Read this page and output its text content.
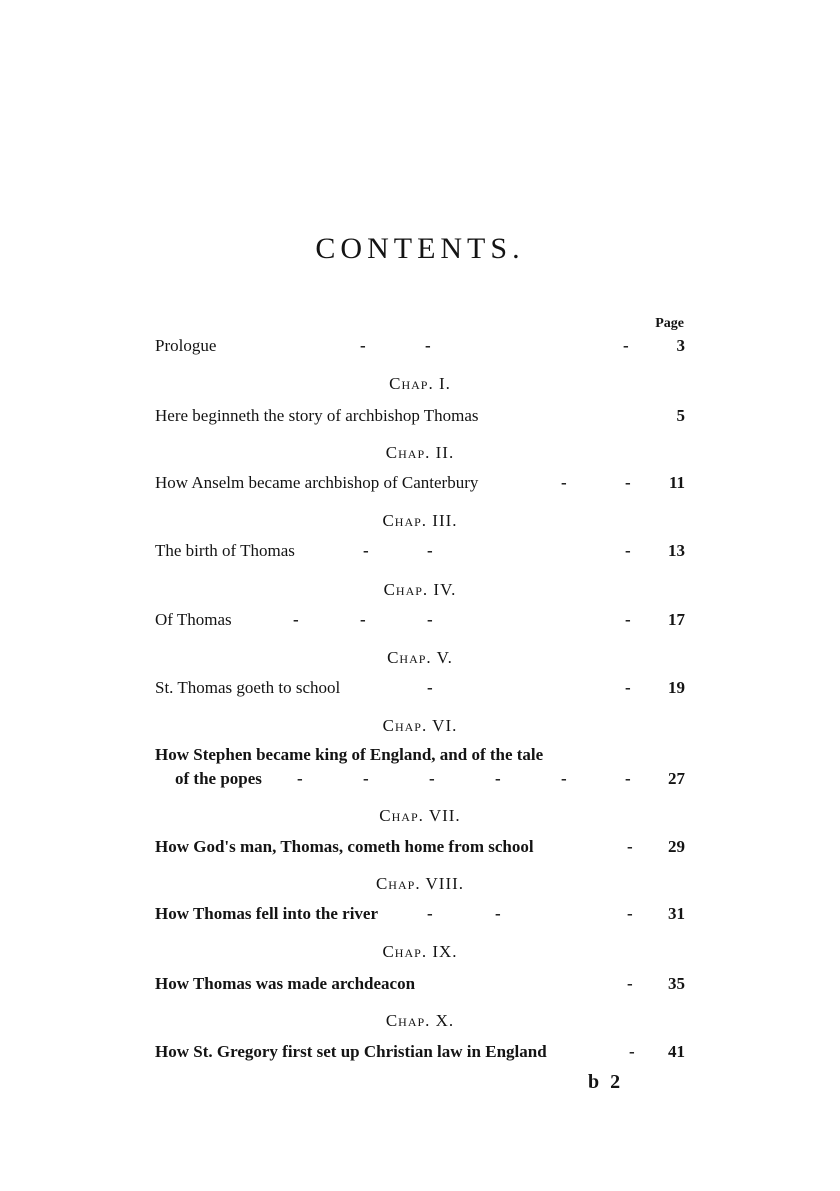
CONTENTS.
Page
Prologue	-	-	-	3
Chap. I.
Here beginneth the story of archbishop Thomas	5
Chap. II.
How Anselm became archbishop of Canterbury	-	-	11
Chap. III.
The birth of Thomas	-	-	-	13
Chap. IV.
Of Thomas	-	-	-	-	17
Chap. V.
St. Thomas goeth to school	-	-	19
Chap. VI.
How Stephen became king of England, and of the tale
of the popes -	-	-	-	-	-	27
Chap. VII.
How God's man, Thomas, cometh home from school	-	29
Chap. VIII.
How Thomas fell into the river	-	-	-	31
Chap. IX.
How Thomas was made archdeacon	-	35
Chap. X.
How St. Gregory first set up Christian law in England	-	41
b 2
